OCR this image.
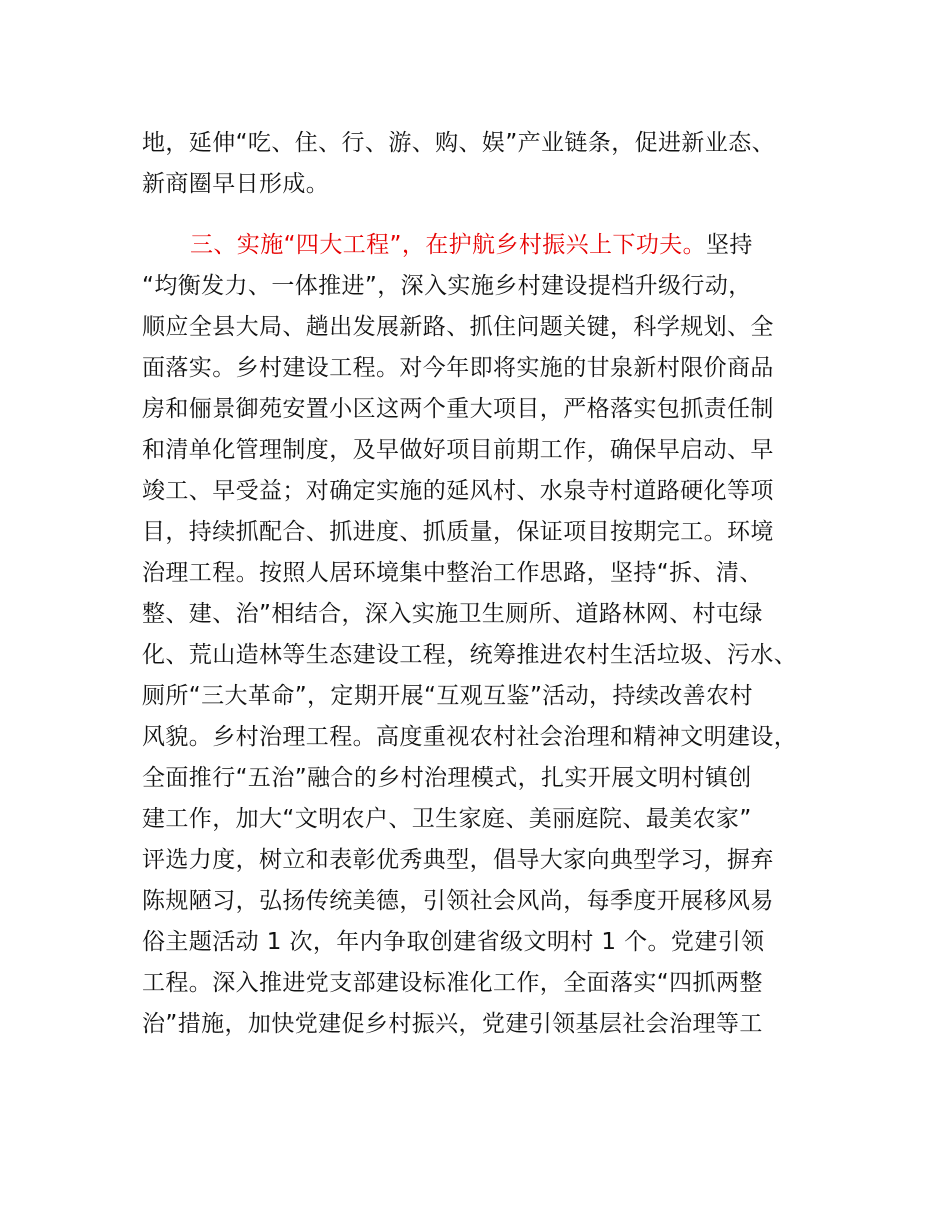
地，延伸“吃、住、行、游、购、娱”产业链条，促进新业态、
新商圈早日形成。
三、实施“四大工程”，在护航乡村振兴上下功夫。坚持
“均衡发力、一体推进”，深入实施乡村建设提档升级行动，
顺应全县大局、趟出发展新路、抓住问题关键，科学规划、全
面落实。乡村建设工程。对今年即将实施的甘泉新村限价商品
房和俪景御苑安置小区这两个重大项目，严格落实包抓责任制
和清单化管理制度，及早做好项目前期工作，确保早启动、早
竣工、早受益；对确定实施的延风村、水泉寺村道路硬化等项
目，持续抓配合、抓进度、抓质量，保证项目按期完工。环境
治理工程。按照人居环境集中整治工作思路，坚持“拆、清、
整、建、治”相结合，深入实施卫生厕所、道路林网、村屯绿
化、荒山造林等生态建设工程，统筹推进农村生活垃圾、污水、
厕所“三大革命”，定期开展“互观互鉴”活动，持续改善农村
风貌。乡村治理工程。高度重视农村社会治理和精神文明建设，
全面推行“五治”融合的乡村治理模式，扎实开展文明村镇创
建工作，加大“文明农户、卫生家庭、美丽庭院、最美农家”
评选力度，树立和表彰优秀典型，倡导大家向典型学习，摒弃
陈规陋习，弘扬传统美德，引领社会风尚，每季度开展移风易
俗主题活动 1 次，年内争取创建省级文明村 1 个。党建引领
工程。深入推进党支部建设标准化工作，全面落实“四抓两整
治”措施，加快党建促乡村振兴，党建引领基层社会治理等工
